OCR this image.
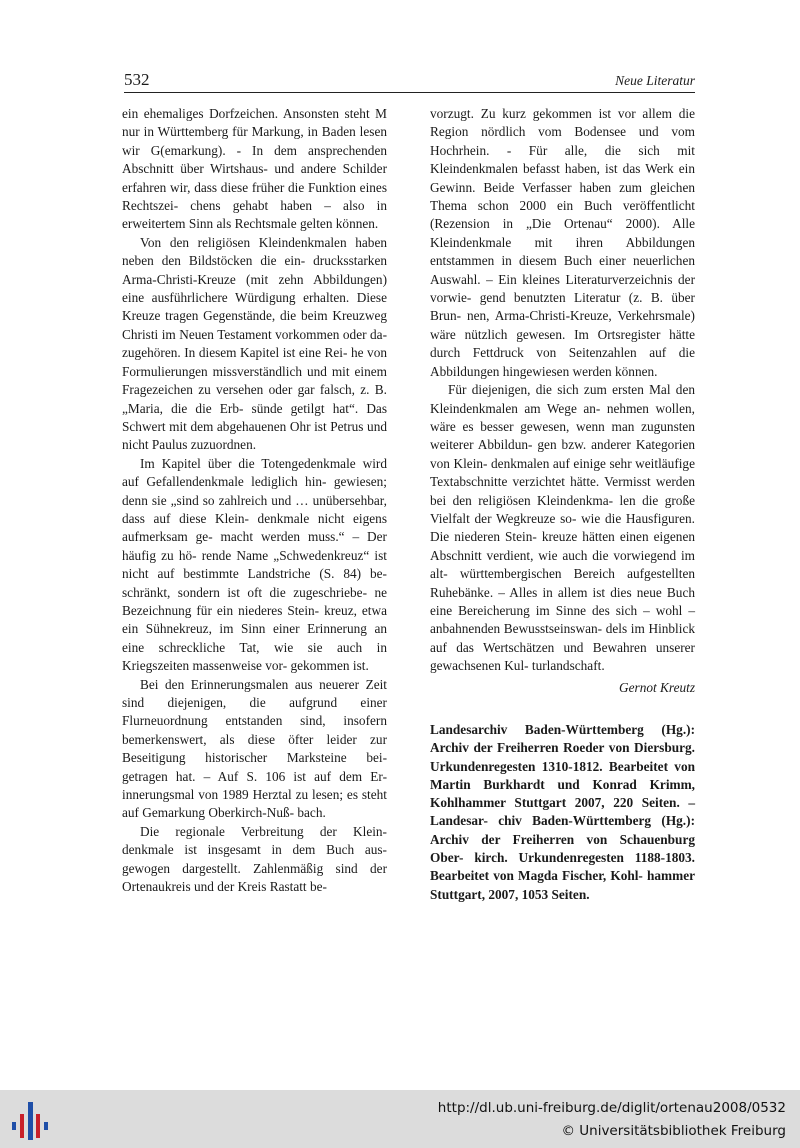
532	Neue Literatur

ein ehemaliges Dorfzeichen. Ansonsten steht M nur in Württemberg für Markung, in Baden lesen wir G(emarkung). - In dem ansprechenden Abschnitt über Wirtshaus- und andere Schilder erfahren wir, dass diese früher die Funktion eines Rechtszei- chens gehabt haben – also in erweitertem Sinn als Rechtsmale gelten können.

Von den religiösen Kleindenkmalen haben neben den Bildstöcken die ein- drucksstarken Arma-Christi-Kreuze (mit zehn Abbildungen) eine ausführlichere Würdigung erhalten. Diese Kreuze tragen Gegenstände, die beim Kreuzweg Christi im Neuen Testament vorkommen oder da- zugehören. In diesem Kapitel ist eine Rei- he von Formulierungen missverständlich und mit einem Fragezeichen zu versehen oder gar falsch, z. B. „Maria, die die Erb- sünde getilgt hat“. Das Schwert mit dem abgehauenen Ohr ist Petrus und nicht Paulus zuzuordnen.

Im Kapitel über die Totengedenkmale wird auf Gefallendenkmale lediglich hin- gewiesen; denn sie „sind so zahlreich und … unübersehbar, dass auf diese Klein- denkmale nicht eigens aufmerksam ge- macht werden muss.“ – Der häufig zu hö- rende Name „Schwedenkreuz“ ist nicht auf bestimmte Landstriche (S. 84) be- schränkt, sondern ist oft die zugeschriebe- ne Bezeichnung für ein niederes Stein- kreuz, etwa ein Sühnekreuz, im Sinn einer Erinnerung an eine schreckliche Tat, wie sie auch in Kriegszeiten massenweise vor- gekommen ist.

Bei den Erinnerungsmalen aus neuerer Zeit sind diejenigen, die aufgrund einer Flurneuordnung entstanden sind, insofern bemerkenswert, als diese öfter leider zur Beseitigung historischer Marksteine bei- getragen hat. – Auf S. 106 ist auf dem Er- innerungsmal von 1989 Herztal zu lesen; es steht auf Gemarkung Oberkirch-Nuß- bach.

Die regionale Verbreitung der Klein- denkmale ist insgesamt in dem Buch aus- gewogen dargestellt. Zahlenmäßig sind der Ortenaukreis und der Kreis Rastatt be-

vorzugt. Zu kurz gekommen ist vor allem die Region nördlich vom Bodensee und vom Hochrhein. - Für alle, die sich mit Kleindenkmalen befasst haben, ist das Werk ein Gewinn. Beide Verfasser haben zum gleichen Thema schon 2000 ein Buch veröffentlicht (Rezension in „Die Ortenau“ 2000). Alle Kleindenkmale mit ihren Abbildungen entstammen in diesem Buch einer neuerlichen Auswahl. – Ein kleines Literaturverzeichnis der vorwie- gend benutzten Literatur (z. B. über Brun- nen, Arma-Christi-Kreuze, Verkehrsmale) wäre nützlich gewesen. Im Ortsregister hätte durch Fettdruck von Seitenzahlen auf die Abbildungen hingewiesen werden können.

Für diejenigen, die sich zum ersten Mal den Kleindenkmalen am Wege an- nehmen wollen, wäre es besser gewesen, wenn man zugunsten weiterer Abbildun- gen bzw. anderer Kategorien von Klein- denkmalen auf einige sehr weitläufige Textabschnitte verzichtet hätte. Vermisst werden bei den religiösen Kleindenkma- len die große Vielfalt der Wegkreuze so- wie die Hausfiguren. Die niederen Stein- kreuze hätten einen eigenen Abschnitt verdient, wie auch die vorwiegend im alt- württembergischen Bereich aufgestellten Ruhebänke. – Alles in allem ist dies neue Buch eine Bereicherung im Sinne des sich – wohl – anbahnenden Bewusstseinswan- dels im Hinblick auf das Wertschätzen und Bewahren unserer gewachsenen Kul- turlandschaft.

Gernot Kreutz

Landesarchiv Baden-Württemberg (Hg.): Archiv der Freiherren Roeder von Diersburg. Urkundenregesten 1310-1812. Bearbeitet von Martin Burkhardt und Konrad Krimm, Kohlhammer Stuttgart 2007, 220 Seiten. – Landesar- chiv Baden-Württemberg (Hg.): Archiv der Freiherren von Schauenburg Ober- kirch. Urkundenregesten 1188-1803. Bearbeitet von Magda Fischer, Kohl- hammer Stuttgart, 2007, 1053 Seiten.

http://dl.ub.uni-freiburg.de/diglit/ortenau2008/0532
© Universitätsbibliothek Freiburg
